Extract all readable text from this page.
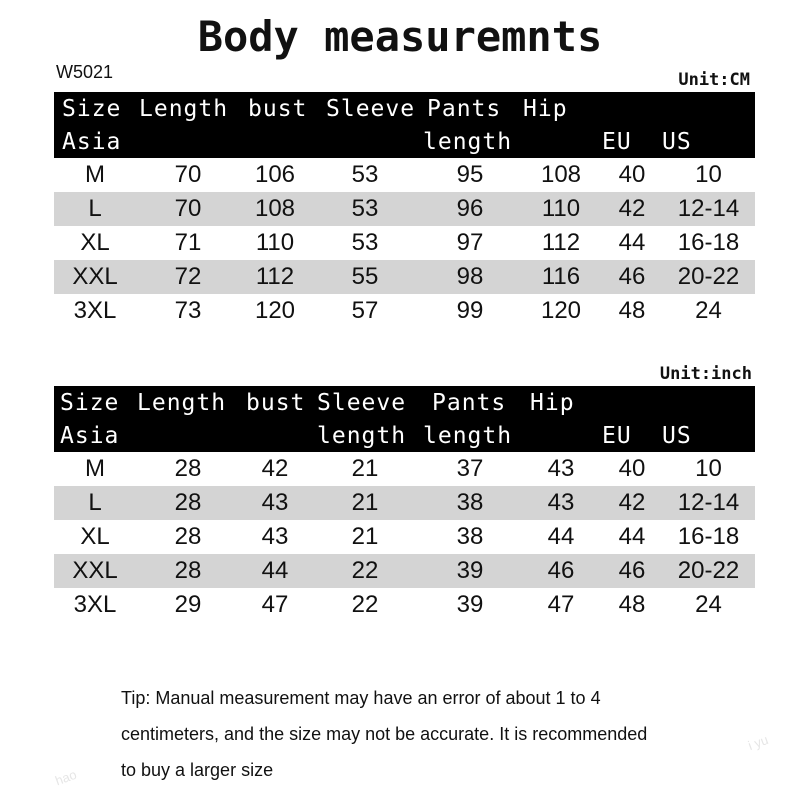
Body measuremnts
W5021	Unit:CM
Size	Length	bust	Sleeve	Pants	Hip		
Asia				length		EU	US
M	70	106	53	95	108	40	10
L	70	108	53	96	110	42	12-14
XL	71	110	53	97	112	44	16-18
XXL	72	112	55	98	116	46	20-22
3XL	73	120	57	99	120	48	24
Unit:inch
Size	Length	bust	Sleeve	Pants	Hip		
Asia			length	length		EU	US
M	28	42	21	37	43	40	10
L	28	43	21	38	43	42	12-14
XL	28	43	21	38	44	44	16-18
XXL	28	44	22	39	46	46	20-22
3XL	29	47	22	39	47	48	24
Tip: Manual measurement may have an error of about 1 to 4
centimeters, and the size may not be accurate. It is recommended
to buy a larger size
hao
i yu
